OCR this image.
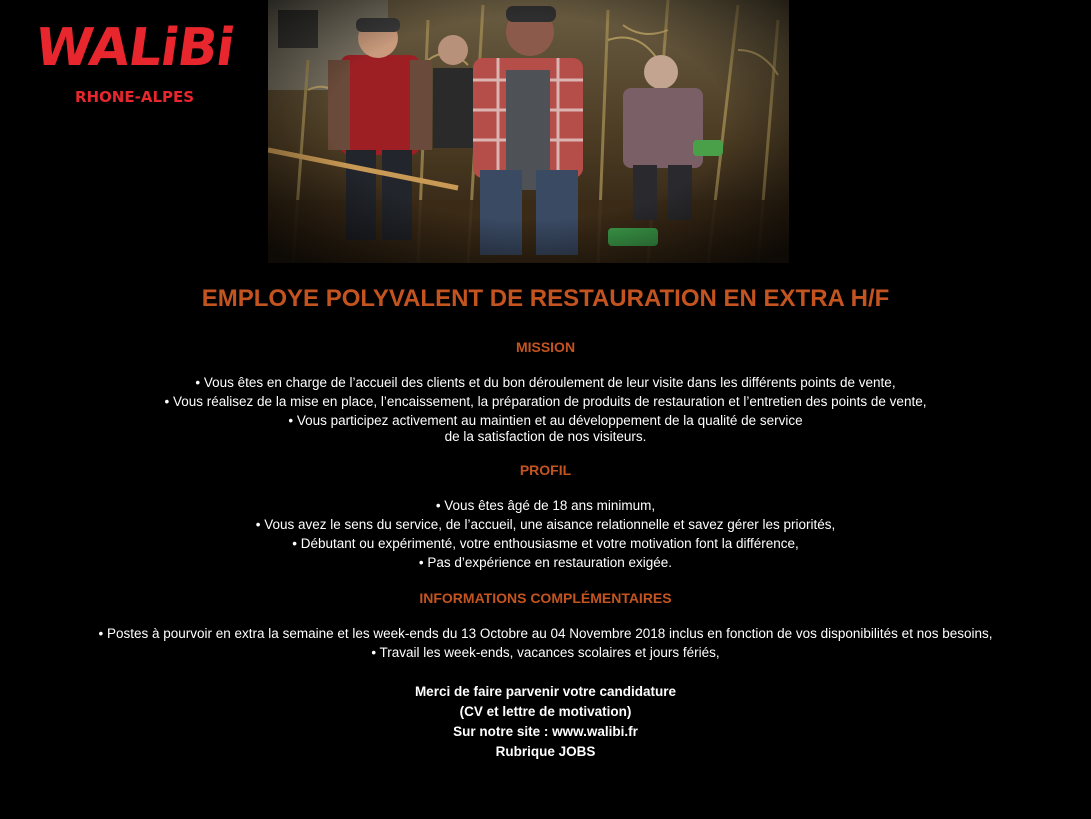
WALiBi
RHONE-ALPES
EMPLOYE POLYVALENT DE RESTAURATION EN EXTRA H/F
MISSION
• Vous êtes en charge de l’accueil des clients et du bon déroulement de leur visite dans les différents points de vente,
• Vous réalisez de la mise en place, l’encaissement, la préparation de produits de restauration et l’entretien des points de vente,
• Vous participez activement au maintien et au développement de la qualité de service
de la satisfaction de nos visiteurs.
PROFIL
• Vous êtes âgé de 18 ans minimum,
• Vous avez le sens du service, de l’accueil, une aisance relationnelle et savez gérer les priorités,
• Débutant ou expérimenté, votre enthousiasme et votre motivation font la différence,
• Pas d’expérience en restauration exigée.
INFORMATIONS COMPLÉMENTAIRES
• Postes à pourvoir en extra la semaine et les week-ends du 13 Octobre au 04 Novembre 2018 inclus en fonction de vos disponibilités et nos besoins,
• Travail les week-ends, vacances scolaires et jours fériés,
Merci de faire parvenir votre candidature
(CV et lettre de motivation)
Sur notre site : www.walibi.fr
Rubrique JOBS
